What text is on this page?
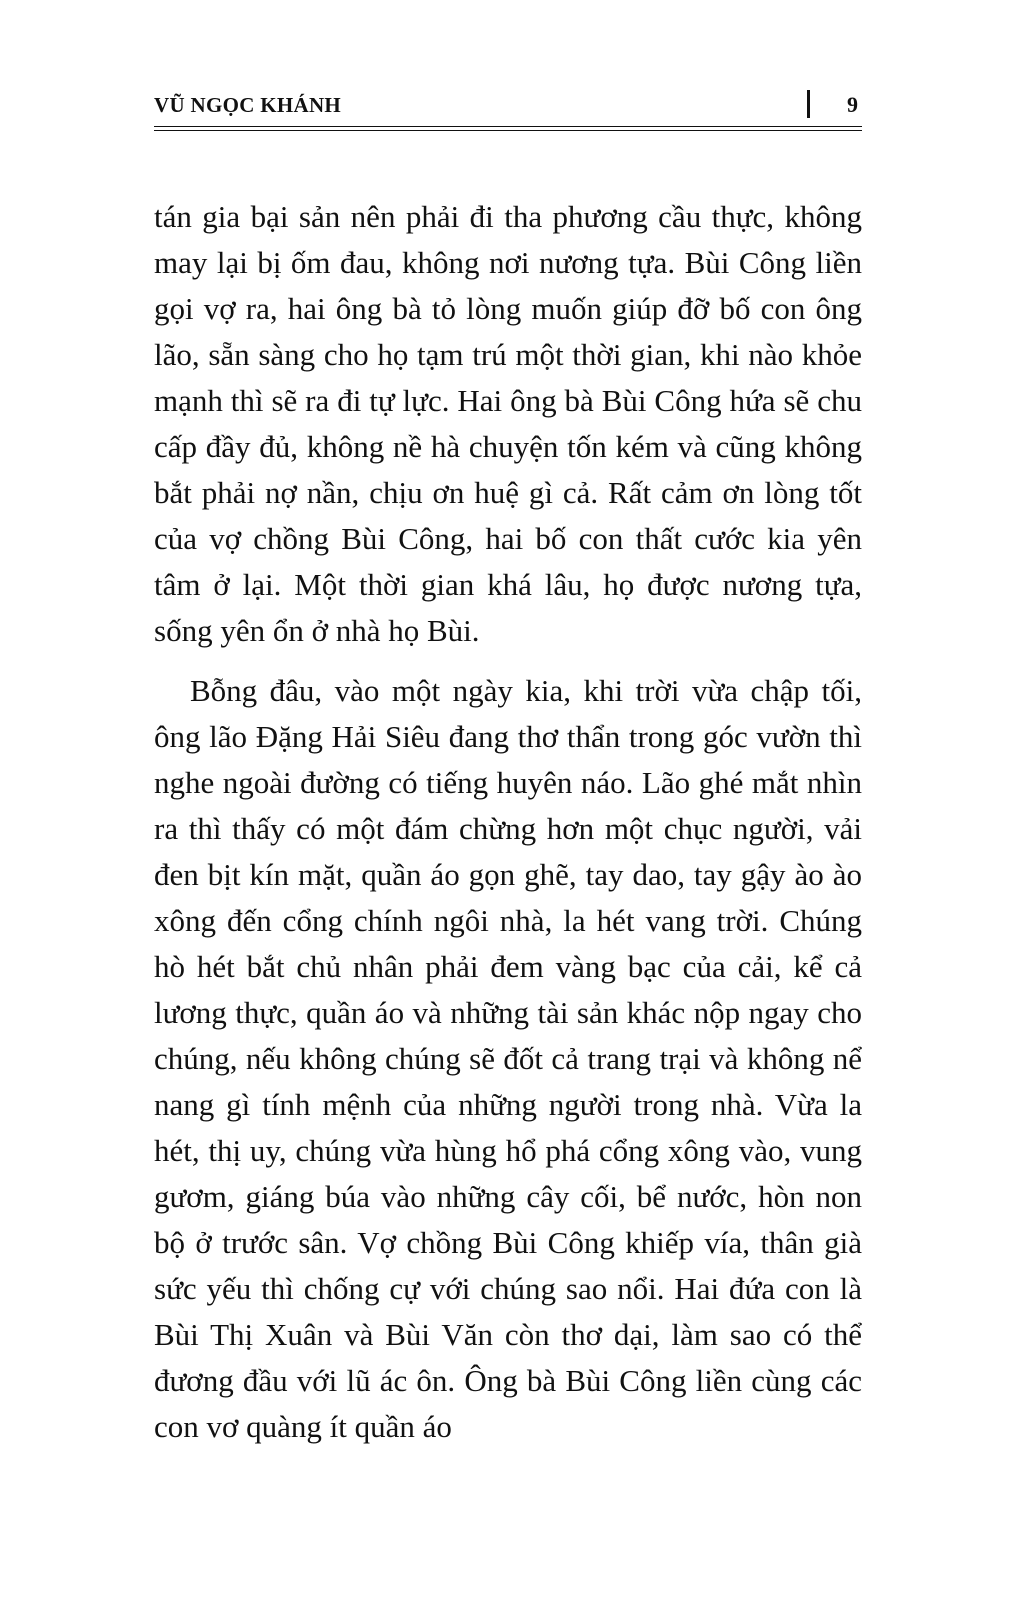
VŨ NGỌC KHÁNH	9

tán gia bại sản nên phải đi tha phương cầu thực, không may lại bị ốm đau, không nơi nương tựa. Bùi Công liền gọi vợ ra, hai ông bà tỏ lòng muốn giúp đỡ bố con ông lão, sẵn sàng cho họ tạm trú một thời gian, khi nào khỏe mạnh thì sẽ ra đi tự lực. Hai ông bà Bùi Công hứa sẽ chu cấp đầy đủ, không nề hà chuyện tốn kém và cũng không bắt phải nợ nần, chịu ơn huệ gì cả. Rất cảm ơn lòng tốt của vợ chồng Bùi Công, hai bố con thất cước kia yên tâm ở lại. Một thời gian khá lâu, họ được nương tựa, sống yên ổn ở nhà họ Bùi.

Bỗng đâu, vào một ngày kia, khi trời vừa chập tối, ông lão Đặng Hải Siêu đang thơ thẩn trong góc vườn thì nghe ngoài đường có tiếng huyên náo. Lão ghé mắt nhìn ra thì thấy có một đám chừng hơn một chục người, vải đen bịt kín mặt, quần áo gọn ghẽ, tay dao, tay gậy ào ào xông đến cổng chính ngôi nhà, la hét vang trời. Chúng hò hét bắt chủ nhân phải đem vàng bạc của cải, kể cả lương thực, quần áo và những tài sản khác nộp ngay cho chúng, nếu không chúng sẽ đốt cả trang trại và không nể nang gì tính mệnh của những người trong nhà. Vừa la hét, thị uy, chúng vừa hùng hổ phá cổng xông vào, vung gươm, giáng búa vào những cây cối, bể nước, hòn non bộ ở trước sân. Vợ chồng Bùi Công khiếp vía, thân già sức yếu thì chống cự với chúng sao nổi. Hai đứa con là Bùi Thị Xuân và Bùi Văn còn thơ dại, làm sao có thể đương đầu với lũ ác ôn. Ông bà Bùi Công liền cùng các con vơ quàng ít quần áo
